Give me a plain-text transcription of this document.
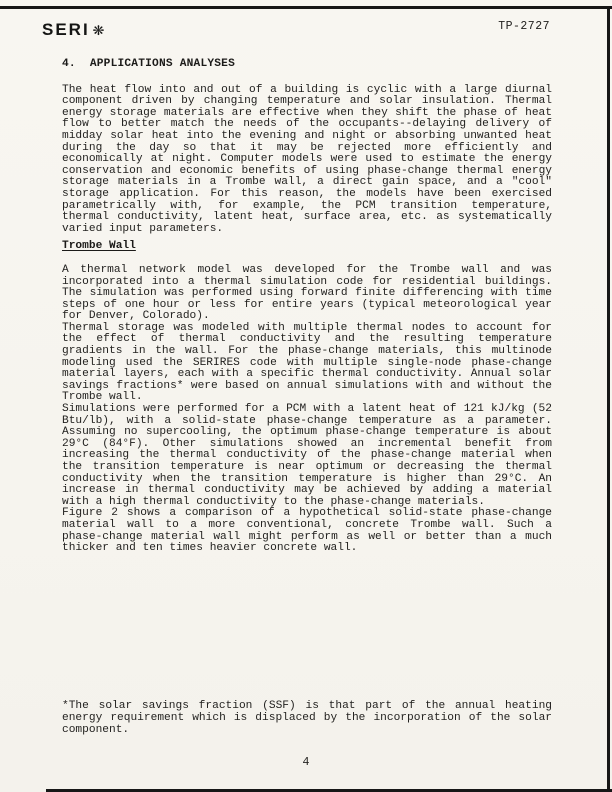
SERI ❋	TP-2727
4. APPLICATIONS ANALYSES

The heat flow into and out of a building is cyclic with a large diurnal component driven by changing temperature and solar insulation. Thermal energy storage materials are effective when they shift the phase of heat flow to better match the needs of the occupants--delaying delivery of midday solar heat into the evening and night or absorbing unwanted heat during the day so that it may be rejected more efficiently and economically at night. Computer models were used to estimate the energy conservation and economic benefits of using phase-change thermal energy storage materials in a Trombe wall, a direct gain space, and a "cool" storage application. For this reason, the models have been exercised parametrically with, for example, the PCM transition temperature, thermal conductivity, latent heat, surface area, etc. as systematically varied input parameters.

Trombe Wall

A thermal network model was developed for the Trombe wall and was incorporated into a thermal simulation code for residential buildings. The simulation was performed using forward finite differencing with time steps of one hour or less for entire years (typical meteorological year for Denver, Colorado).

Thermal storage was modeled with multiple thermal nodes to account for the effect of thermal conductivity and the resulting temperature gradients in the wall. For the phase-change materials, this multinode modeling used the SERIRES code with multiple single-node phase-change material layers, each with a specific thermal conductivity. Annual solar savings fractions* were based on annual simulations with and without the Trombe wall.

Simulations were performed for a PCM with a latent heat of 121 kJ/kg (52 Btu/lb), with a solid-state phase-change temperature as a parameter. Assuming no supercooling, the optimum phase-change temperature is about 29°C (84°F). Other simulations showed an incremental benefit from increasing the thermal conductivity of the phase-change material when the transition temperature is near optimum or decreasing the thermal conductivity when the transition temperature is higher than 29°C. An increase in thermal conductivity may be achieved by adding a material with a high thermal conductivity to the phase-change materials.

Figure 2 shows a comparison of a hypothetical solid-state phase-change material wall to a more conventional, concrete Trombe wall. Such a phase-change material wall might perform as well or better than a much thicker and ten times heavier concrete wall.

*The solar savings fraction (SSF) is that part of the annual heating energy requirement which is displaced by the incorporation of the solar component.
4
